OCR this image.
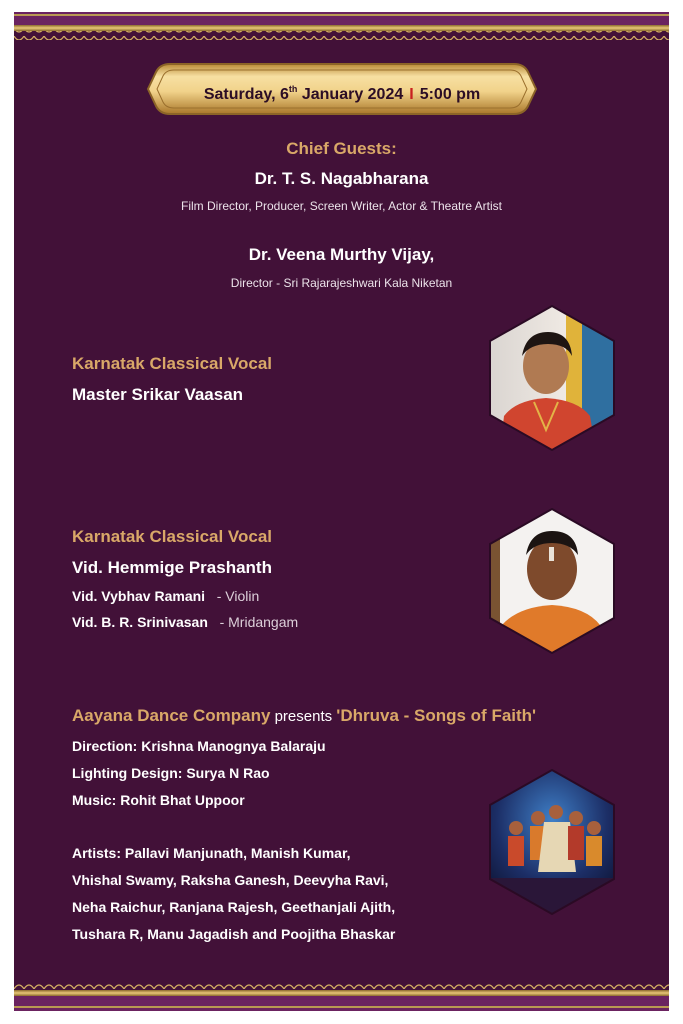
Saturday, 6th January 2024 I 5:00 pm
Chief Guests:
Dr. T. S. Nagabharana
Film Director, Producer, Screen Writer, Actor & Theatre Artist
Dr. Veena Murthy Vijay,
Director - Sri Rajarajeshwari Kala Niketan
Karnatak Classical Vocal
Master Srikar Vaasan
Karnatak Classical Vocal
Vid. Hemmige Prashanth
Vid. Vybhav Ramani - Violin
Vid. B. R. Srinivasan - Mridangam
Aayana Dance Company presents 'Dhruva - Songs of Faith'
Direction: Krishna Manognya Balaraju
Lighting Design: Surya N Rao
Music: Rohit Bhat Uppoor
Artists: Pallavi Manjunath, Manish Kumar,
Vhishal Swamy, Raksha Ganesh, Deevyha Ravi,
Neha Raichur, Ranjana Rajesh, Geethanjali Ajith,
Tushara R, Manu Jagadish and Poojitha Bhaskar
